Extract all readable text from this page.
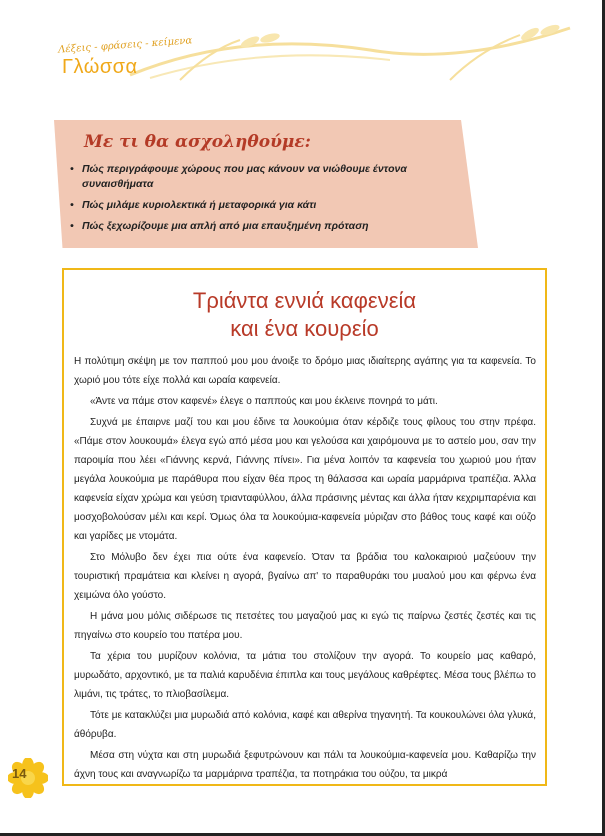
Λέξεις - φράσεις - κείμενα
Γλώσσα
Με τι θα ασχοληθούμε:
• Πώς περιγράφουμε χώρους που μας κάνουν να νιώθουμε έντονα συναισθήματα
• Πώς μιλάμε κυριολεκτικά ή μεταφορικά για κάτι
• Πώς ξεχωρίζουμε μια απλή από μια επαυξημένη πρόταση
Τριάντα εννιά καφενεία
και ένα κουρείο

Η πολύτιμη σκέψη με τον παππού μου μου άνοιξε το δρόμο μιας ιδιαίτερης αγάπης για τα καφενεία. Το χωριό μου τότε είχε πολλά και ωραία καφενεία.

«Άντε να πάμε στον καφενέ» έλεγε ο παππούς και μου έκλεινε πονηρά το μάτι.

Συχνά με έπαιρνε μαζί του και μου έδινε τα λουκούμια όταν κέρδιζε τους φίλους του στην πρέφα. «Πάμε στον λουκουμά» έλεγα εγώ από μέσα μου και γελούσα και χαιρόμουνα με το αστείο μου, σαν την παροιμία που λέει «Γιάννης κερνά, Γιάννης πίνει». Για μένα λοιπόν τα καφενεία του χωριού μου ήταν μεγάλα λουκούμια με παράθυρα που είχαν θέα προς τη θάλασσα και ωραία μαρμάρινα τραπέζια. Άλλα καφενεία είχαν χρώμα και γεύση τριανταφύλλου, άλλα πράσινης μέντας και άλλα ήταν κεχριμπαρένια και μοσχοβολούσαν μέλι και κερί. Όμως όλα τα λουκούμια-καφενεία μύριζαν στο βάθος τους καφέ και ούζο και γαρίδες με ντομάτα.

Στο Μόλυβο δεν έχει πια ούτε ένα καφενείο. Όταν τα βράδια του καλοκαιριού μαζεύουν την τουριστική πραμάτεια και κλείνει η αγορά, βγαίνω απ' το παραθυράκι του μυαλού μου και φέρνω ένα χειμώνα όλο γούστο.

Η μάνα μου μόλις σιδέρωσε τις πετσέτες του μαγαζιού μας κι εγώ τις παίρνω ζεστές ζεστές και τις πηγαίνω στο κουρείο του πατέρα μου.

Τα χέρια του μυρίζουν κολόνια, τα μάτια του στολίζουν την αγορά. Το κουρείο μας καθαρό, μυρωδάτο, αρχοντικό, με τα παλιά καρυδένια έπιπλα και τους μεγάλους καθρέφτες. Μέσα τους βλέπω το λιμάνι, τις τράτες, το πλιοβασίλεμα.

Τότε με κατακλύζει μια μυρωδιά από κολόνια, καφέ και αθερίνα τηγανητή. Τα κουκουλώνει όλα γλυκά, άθόρυβα.

Μέσα στη νύχτα και στη μυρωδιά ξεφυτρώνουν και πάλι τα λουκούμια-καφενεία μου. Καθαρίζω την άχνη τους και αναγνωρίζω τα μαρμάρινα τραπέζια, τα ποτηράκια του ούζου, τα μικρά

14
